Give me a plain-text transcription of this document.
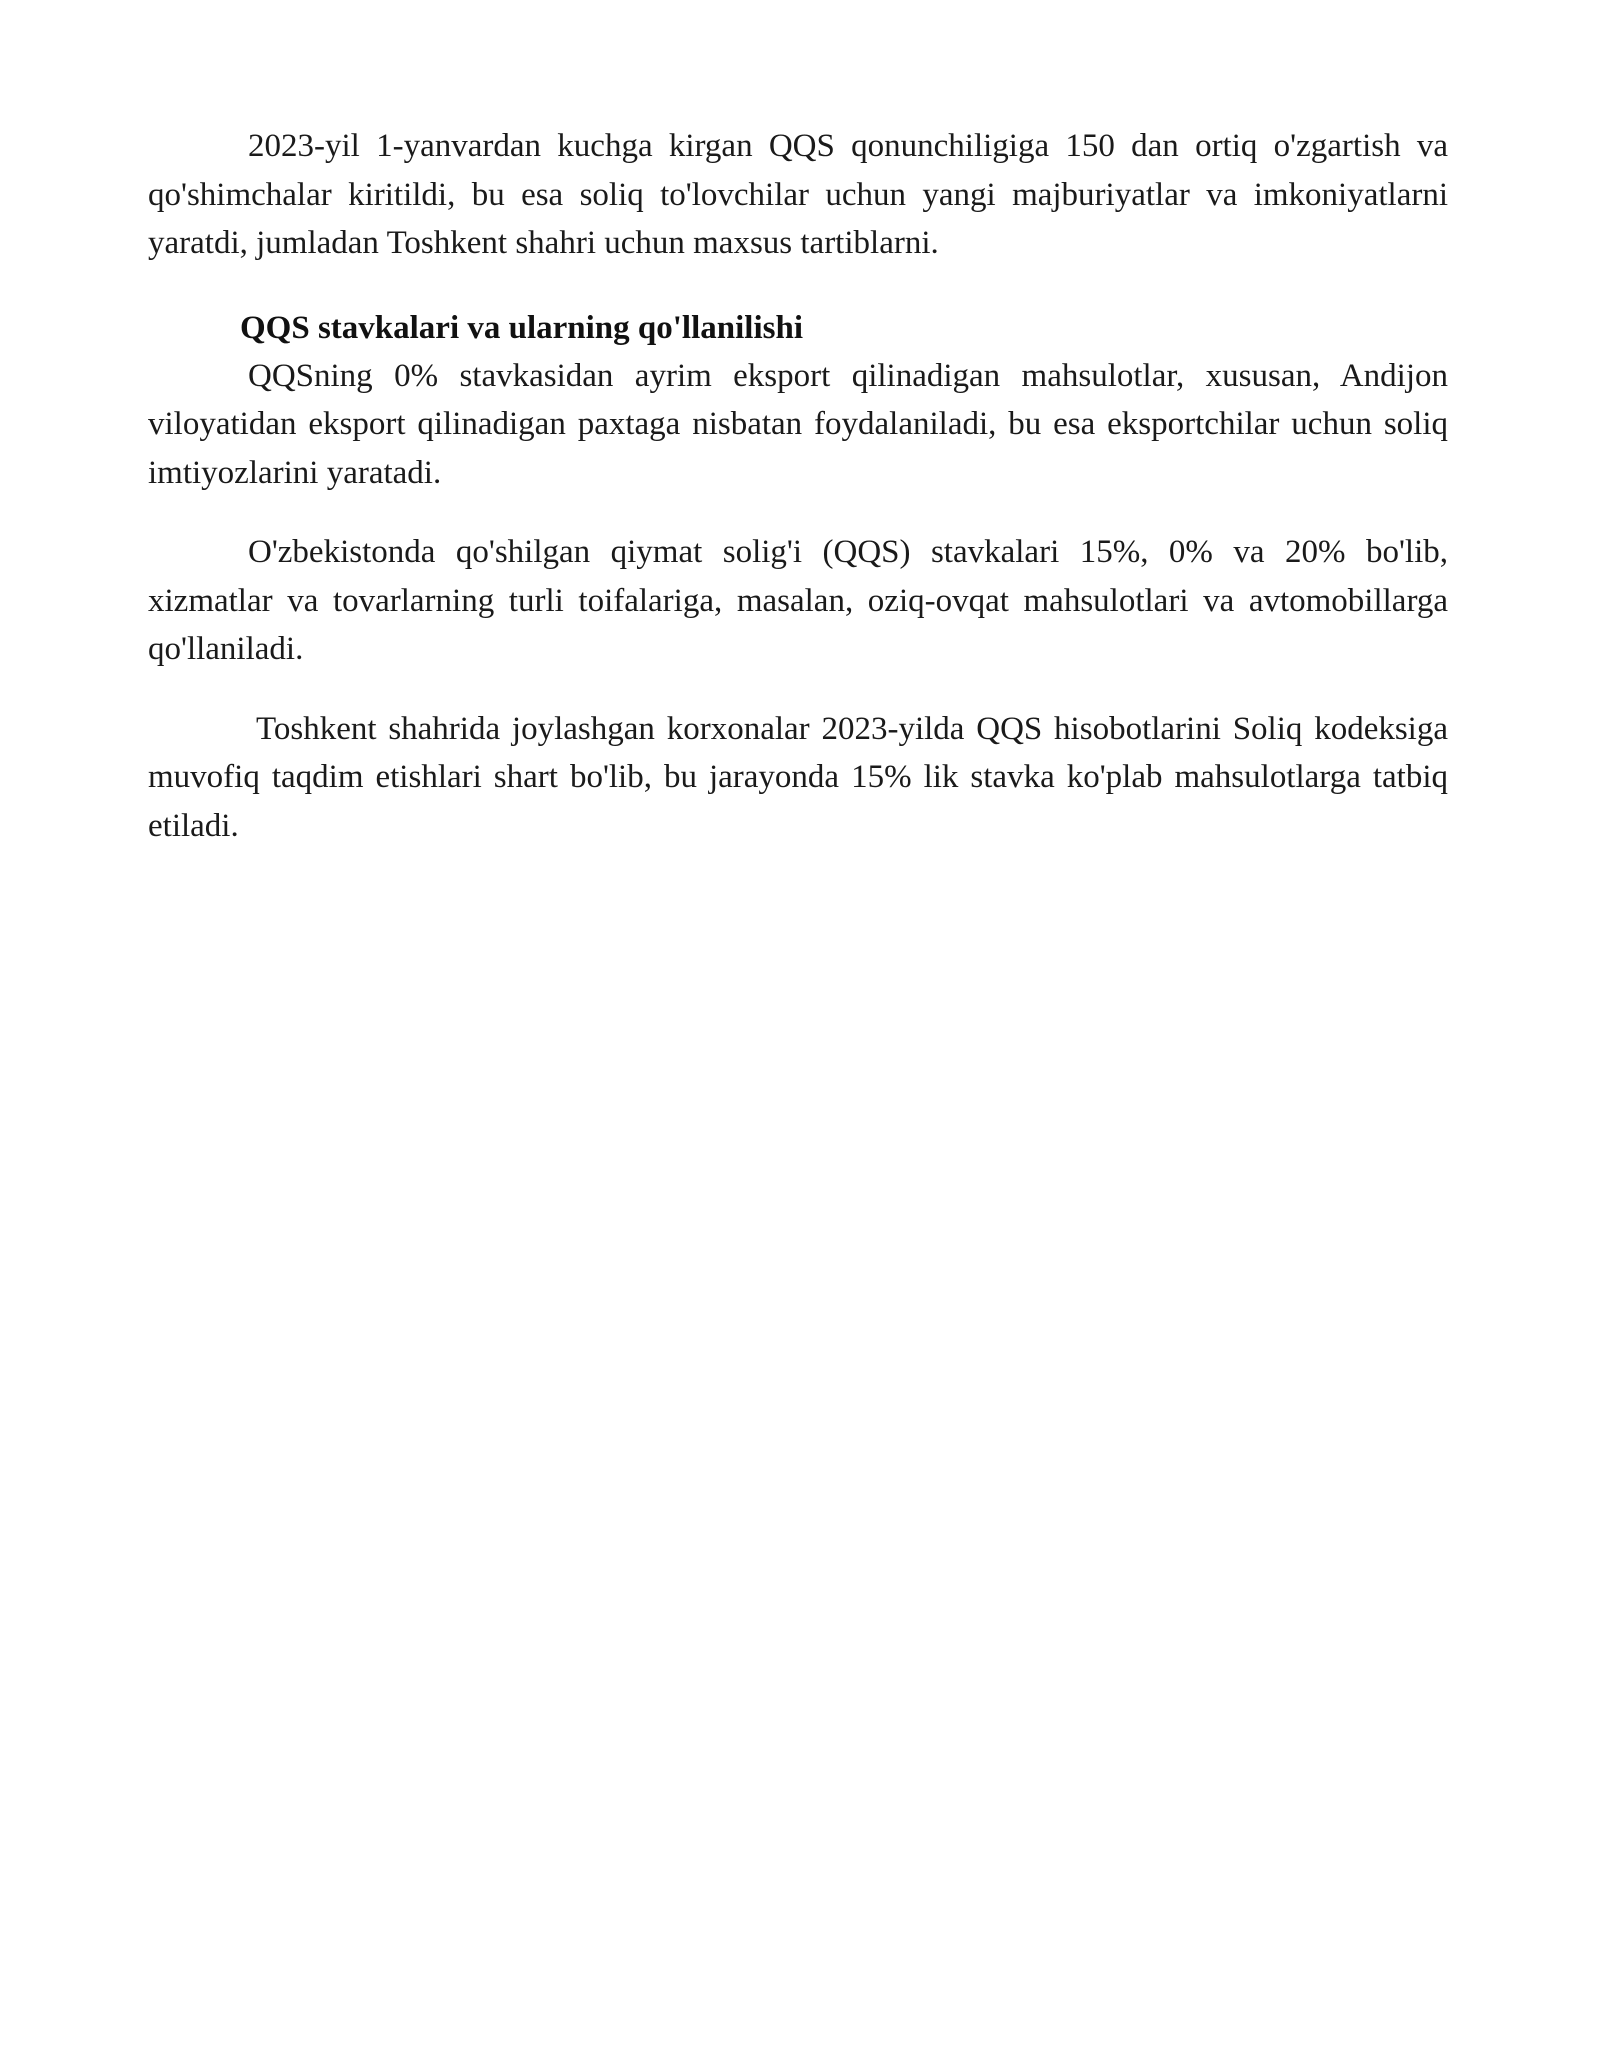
2023-yil 1-yanvardan kuchga kirgan QQS qonunchiligiga 150 dan ortiq o'zgartish va qo'shimchalar kiritildi, bu esa soliq to'lovchilar uchun yangi majburiyatlar va imkoniyatlarni yaratdi, jumladan Toshkent shahri uchun maxsus tartiblarni.

QQS stavkalari va ularning qo'llanilishi

QQSning 0% stavkasidan ayrim eksport qilinadigan mahsulotlar, xususan, Andijon viloyatidan eksport qilinadigan paxtaga nisbatan foydalaniladi, bu esa eksportchilar uchun soliq imtiyozlarini yaratadi.

O'zbekistonda qo'shilgan qiymat solig'i (QQS) stavkalari 15%, 0% va 20% bo'lib, xizmatlar va tovarlarning turli toifalariga, masalan, oziq-ovqat mahsulotlari va avtomobillarga qo'llaniladi.

Toshkent shahrida joylashgan korxonalar 2023-yilda QQS hisobotlarini Soliq kodeksiga muvofiq taqdim etishlari shart bo'lib, bu jarayonda 15% lik stavka ko'plab mahsulotlarga tatbiq etiladi.
